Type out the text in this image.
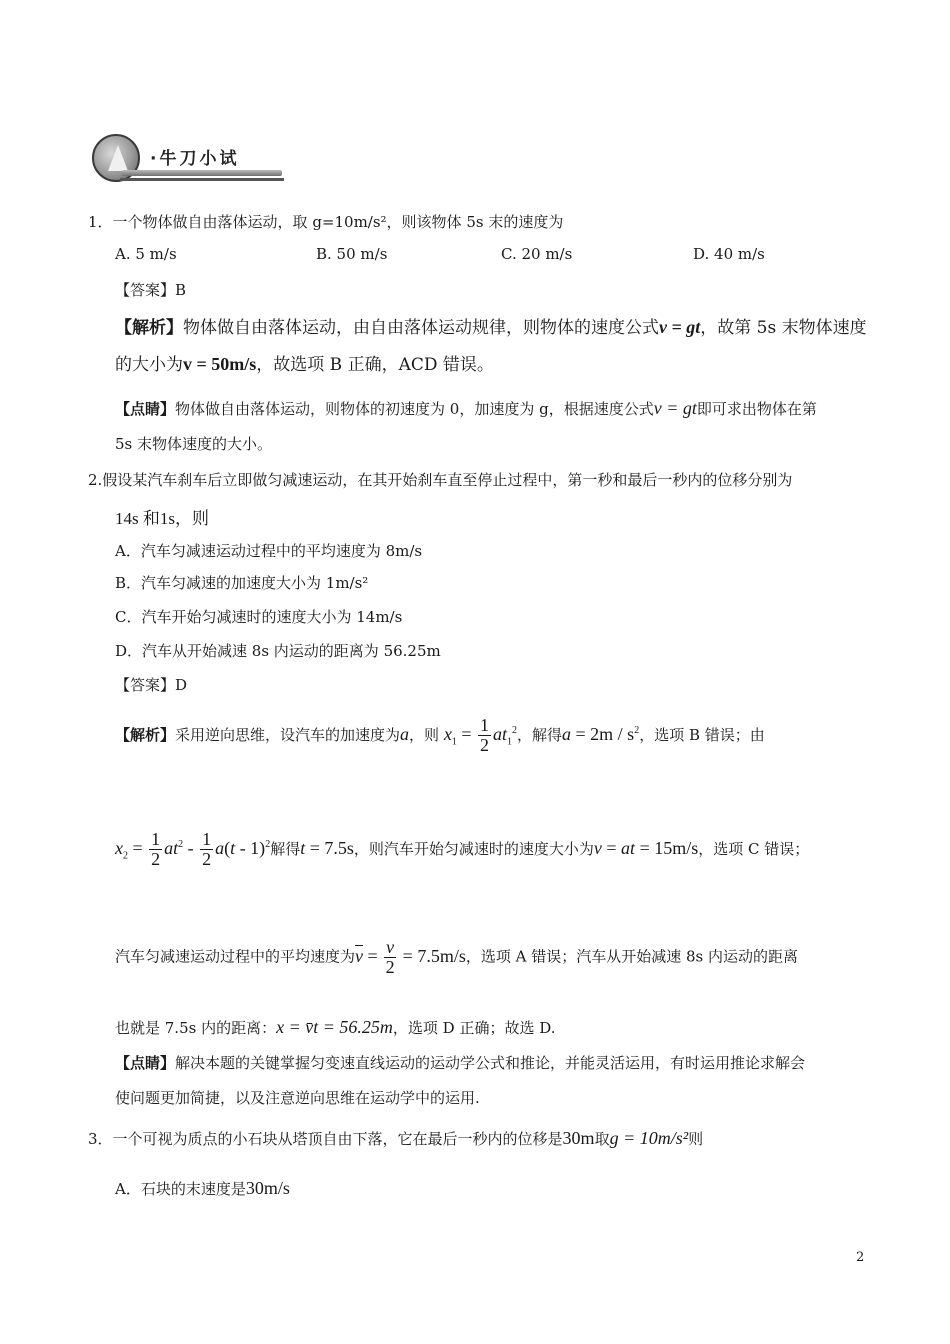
·牛刀小试
1．一个物体做自由落体运动，取 g=10m/s²，则该物体 5s 末的速度为
A. 5 m/s	B. 50 m/s	C. 20 m/s	D. 40 m/s
【答案】B
【解析】物体做自由落体运动，由自由落体运动规律，则物体的速度公式v = gt，故第 5s 末物体速度
的大小为v = 50m/s，故选项 B 正确，ACD 错误。
【点睛】物体做自由落体运动，则物体的初速度为 0，加速度为 g，根据速度公式v = gt即可求出物体在第
5s 末物体速度的大小。
2.假设某汽车刹车后立即做匀减速运动，在其开始刹车直至停止过程中，第一秒和最后一秒内的位移分别为
14s 和1s，则
A．汽车匀减速运动过程中的平均速度为 8m/s
B．汽车匀减速的加速度大小为 1m/s²
C．汽车开始匀减速时的速度大小为 14m/s
D．汽车从开始减速 8s 内运动的距离为 56.25m
【答案】D
【解析】采用逆向思维，设汽车的加速度为a，则 $x_1 = \frac{1}{2} at_1^2$，解得$a = 2m / s^2$，选项 B 错误；由
$x_2 = \frac{1}{2} at^2 - \frac{1}{2} a(t - 1)^2$解得t = 7.5s，则汽车开始匀减速时的速度大小为v = at = 15m/s，选项 C 错误；
汽车匀减速运动过程中的平均速度为$\overline{v} = \frac{v}{2} = 7.5m/s$，选项 A 错误；汽车从开始减速 8s 内运动的距离
也就是 7.5s 内的距离：x = v̄t = 56.25m，选项 D 正确；故选 D.
【点睛】解决本题的关键掌握匀变速直线运动的运动学公式和推论，并能灵活运用，有时运用推论求解会
使问题更加简捷，以及注意逆向思维在运动学中的运用.
3．一个可视为质点的小石块从塔顶自由下落，它在最后一秒内的位移是30m取g = 10m/s²则
A．石块的末速度是30m/s
2
